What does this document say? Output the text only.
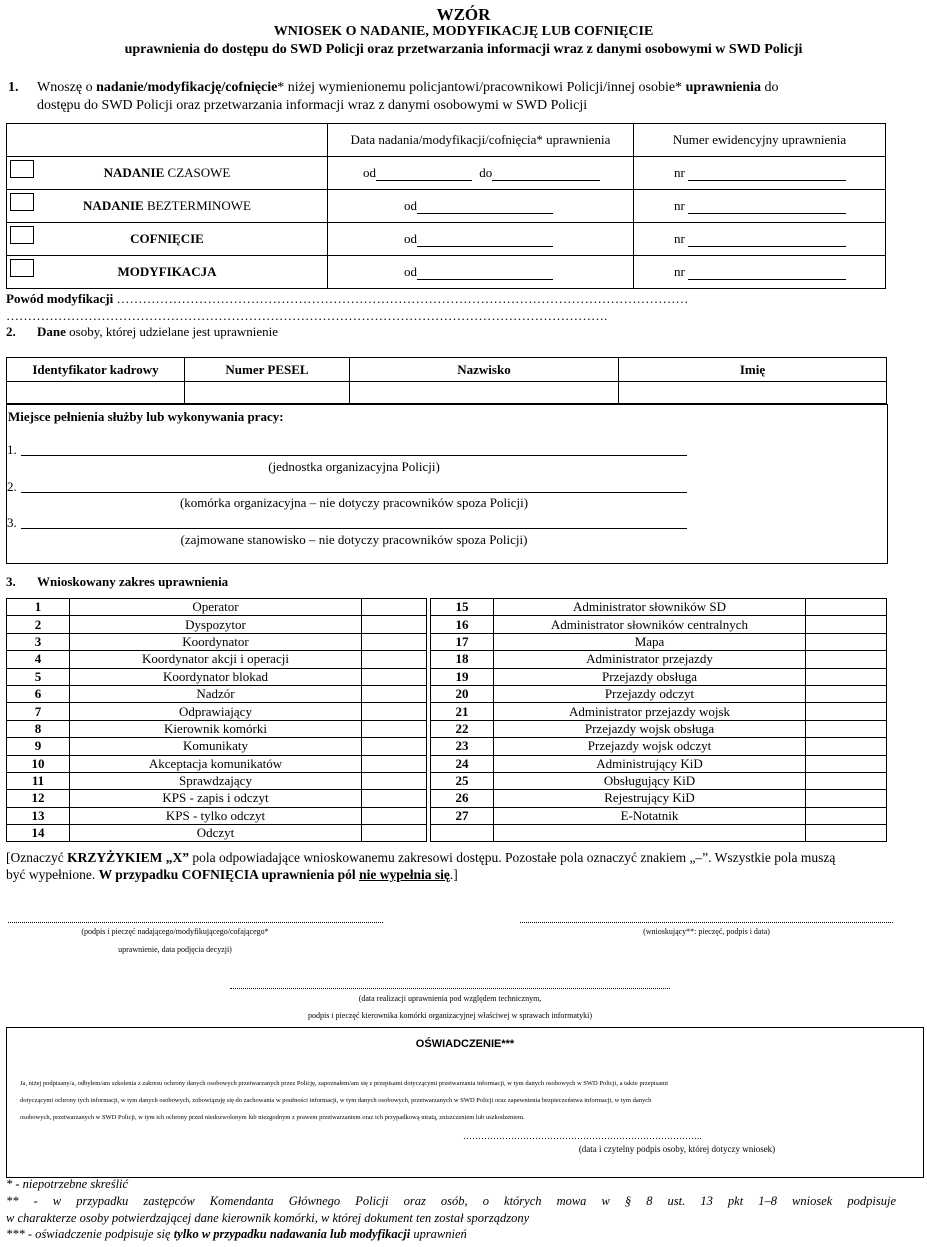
WZÓR
WNIOSEK O NADANIE, MODYFIKACJĘ LUB COFNIĘCIE
uprawnienia do dostępu do SWD Policji oraz przetwarzania informacji wraz z danymi osobowymi w SWD Policji
1. Wnoszę o nadanie/modyfikację/cofnięcie* niżej wymienionemu policjantowi/pracownikowi Policji/innej osobie* uprawnienia do
dostępu do SWD Policji oraz przetwarzania informacji wraz z danymi osobowymi w SWD Policji
	Data nadania/modyfikacji/cofnięcia* uprawnienia	Numer ewidencyjny uprawnienia

NADANIE CZASOWE	od do	nr

NADANIE BEZTERMINOWE	od	nr

COFNIĘCIE	od	nr

MODYFIKACJA	od	nr
Powód modyfikacji ……………………………………………………………………………………………………………………
………………………………………………………………………………………………………………………….
2. Dane osoby, której udzielane jest uprawnienie
Identyfikator kadrowy	Numer PESEL	Nazwisko	Imię

Miejsce pełnienia służby lub wykonywania pracy:
1.
(jednostka organizacyjna Policji)
2.
(komórka organizacyjna – nie dotyczy pracowników spoza Policji)
3.
(zajmowane stanowisko – nie dotyczy pracowników spoza Policji)
3. Wnioskowany zakres uprawnienia
1	Operator	
2	Dyspozytor	
3	Koordynator	
4	Koordynator akcji i operacji	
5	Koordynator blokad	
6	Nadzór	
7	Odprawiający	
8	Kierownik komórki	
9	Komunikaty	
10	Akceptacja komunikatów	
11	Sprawdzający	
12	KPS - zapis i odczyt	
13	KPS - tylko odczyt	
14	Odczyt	
15	Administrator słowników SD	
16	Administrator słowników centralnych	
17	Mapa	
18	Administrator przejazdy	
19	Przejazdy obsługa	
20	Przejazdy odczyt	
21	Administrator przejazdy wojsk	
22	Przejazdy wojsk obsługa	
23	Przejazdy wojsk odczyt	
24	Administrujący KiD	
25	Obsługujący KiD	
26	Rejestrujący KiD	
27	E-Notatnik	

[Oznaczyć KRZYŻYKIEM „X” pola odpowiadające wnioskowanemu zakresowi dostępu. Pozostałe pola oznaczyć znakiem „–”. Wszystkie pola muszą
być wypełnione. W przypadku COFNIĘCIA uprawnienia pól nie wypełnia się.]
(podpis i pieczęć nadającego/modyfikującego/cofającego*
uprawnienie, data podjęcia decyzji)
(wnioskujący**: pieczęć, podpis i data)
(data realizacji uprawnienia pod względem technicznym,
podpis i pieczęć kierownika komórki organizacyjnej właściwej w sprawach informatyki)
OŚWIADCZENIE***
Ja, niżej podpisany/a, odbyłem/am szkolenia z zakresu ochrony danych osobowych przetwarzanych przez Policję, zapoznałem/am się z przepisami dotyczącymi przetwarzania informacji, w tym danych osobowych w SWD Policji, a także przepisami
dotyczącymi ochrony tych informacji, w tym danych osobowych, zobowiązuję się do zachowania w poufności informacji, w tym danych osobowych, przetwarzanych w SWD Policji oraz zapewnienia bezpieczeństwa informacji, w tym danych
osobowych, przetwarzanych w SWD Policji, w tym ich ochrony przed niedozwolonym lub niezgodnym z prawem przetwarzaniem oraz ich przypadkową utratą, zniszczeniem lub uszkodzeniem.
……………………………………………………………………..
(data i czytelny podpis osoby, której dotyczy wniosek)
* - niepotrzebne skreślić
** - w przypadku zastępców Komendanta Głównego Policji oraz osób, o których mowa w § 8 ust. 13 pkt 1–8 wniosek podpisuje
w charakterze osoby potwierdzającej dane kierownik komórki, w której dokument ten został sporządzony
*** - oświadczenie podpisuje się tylko w przypadku nadawania lub modyfikacji uprawnień
